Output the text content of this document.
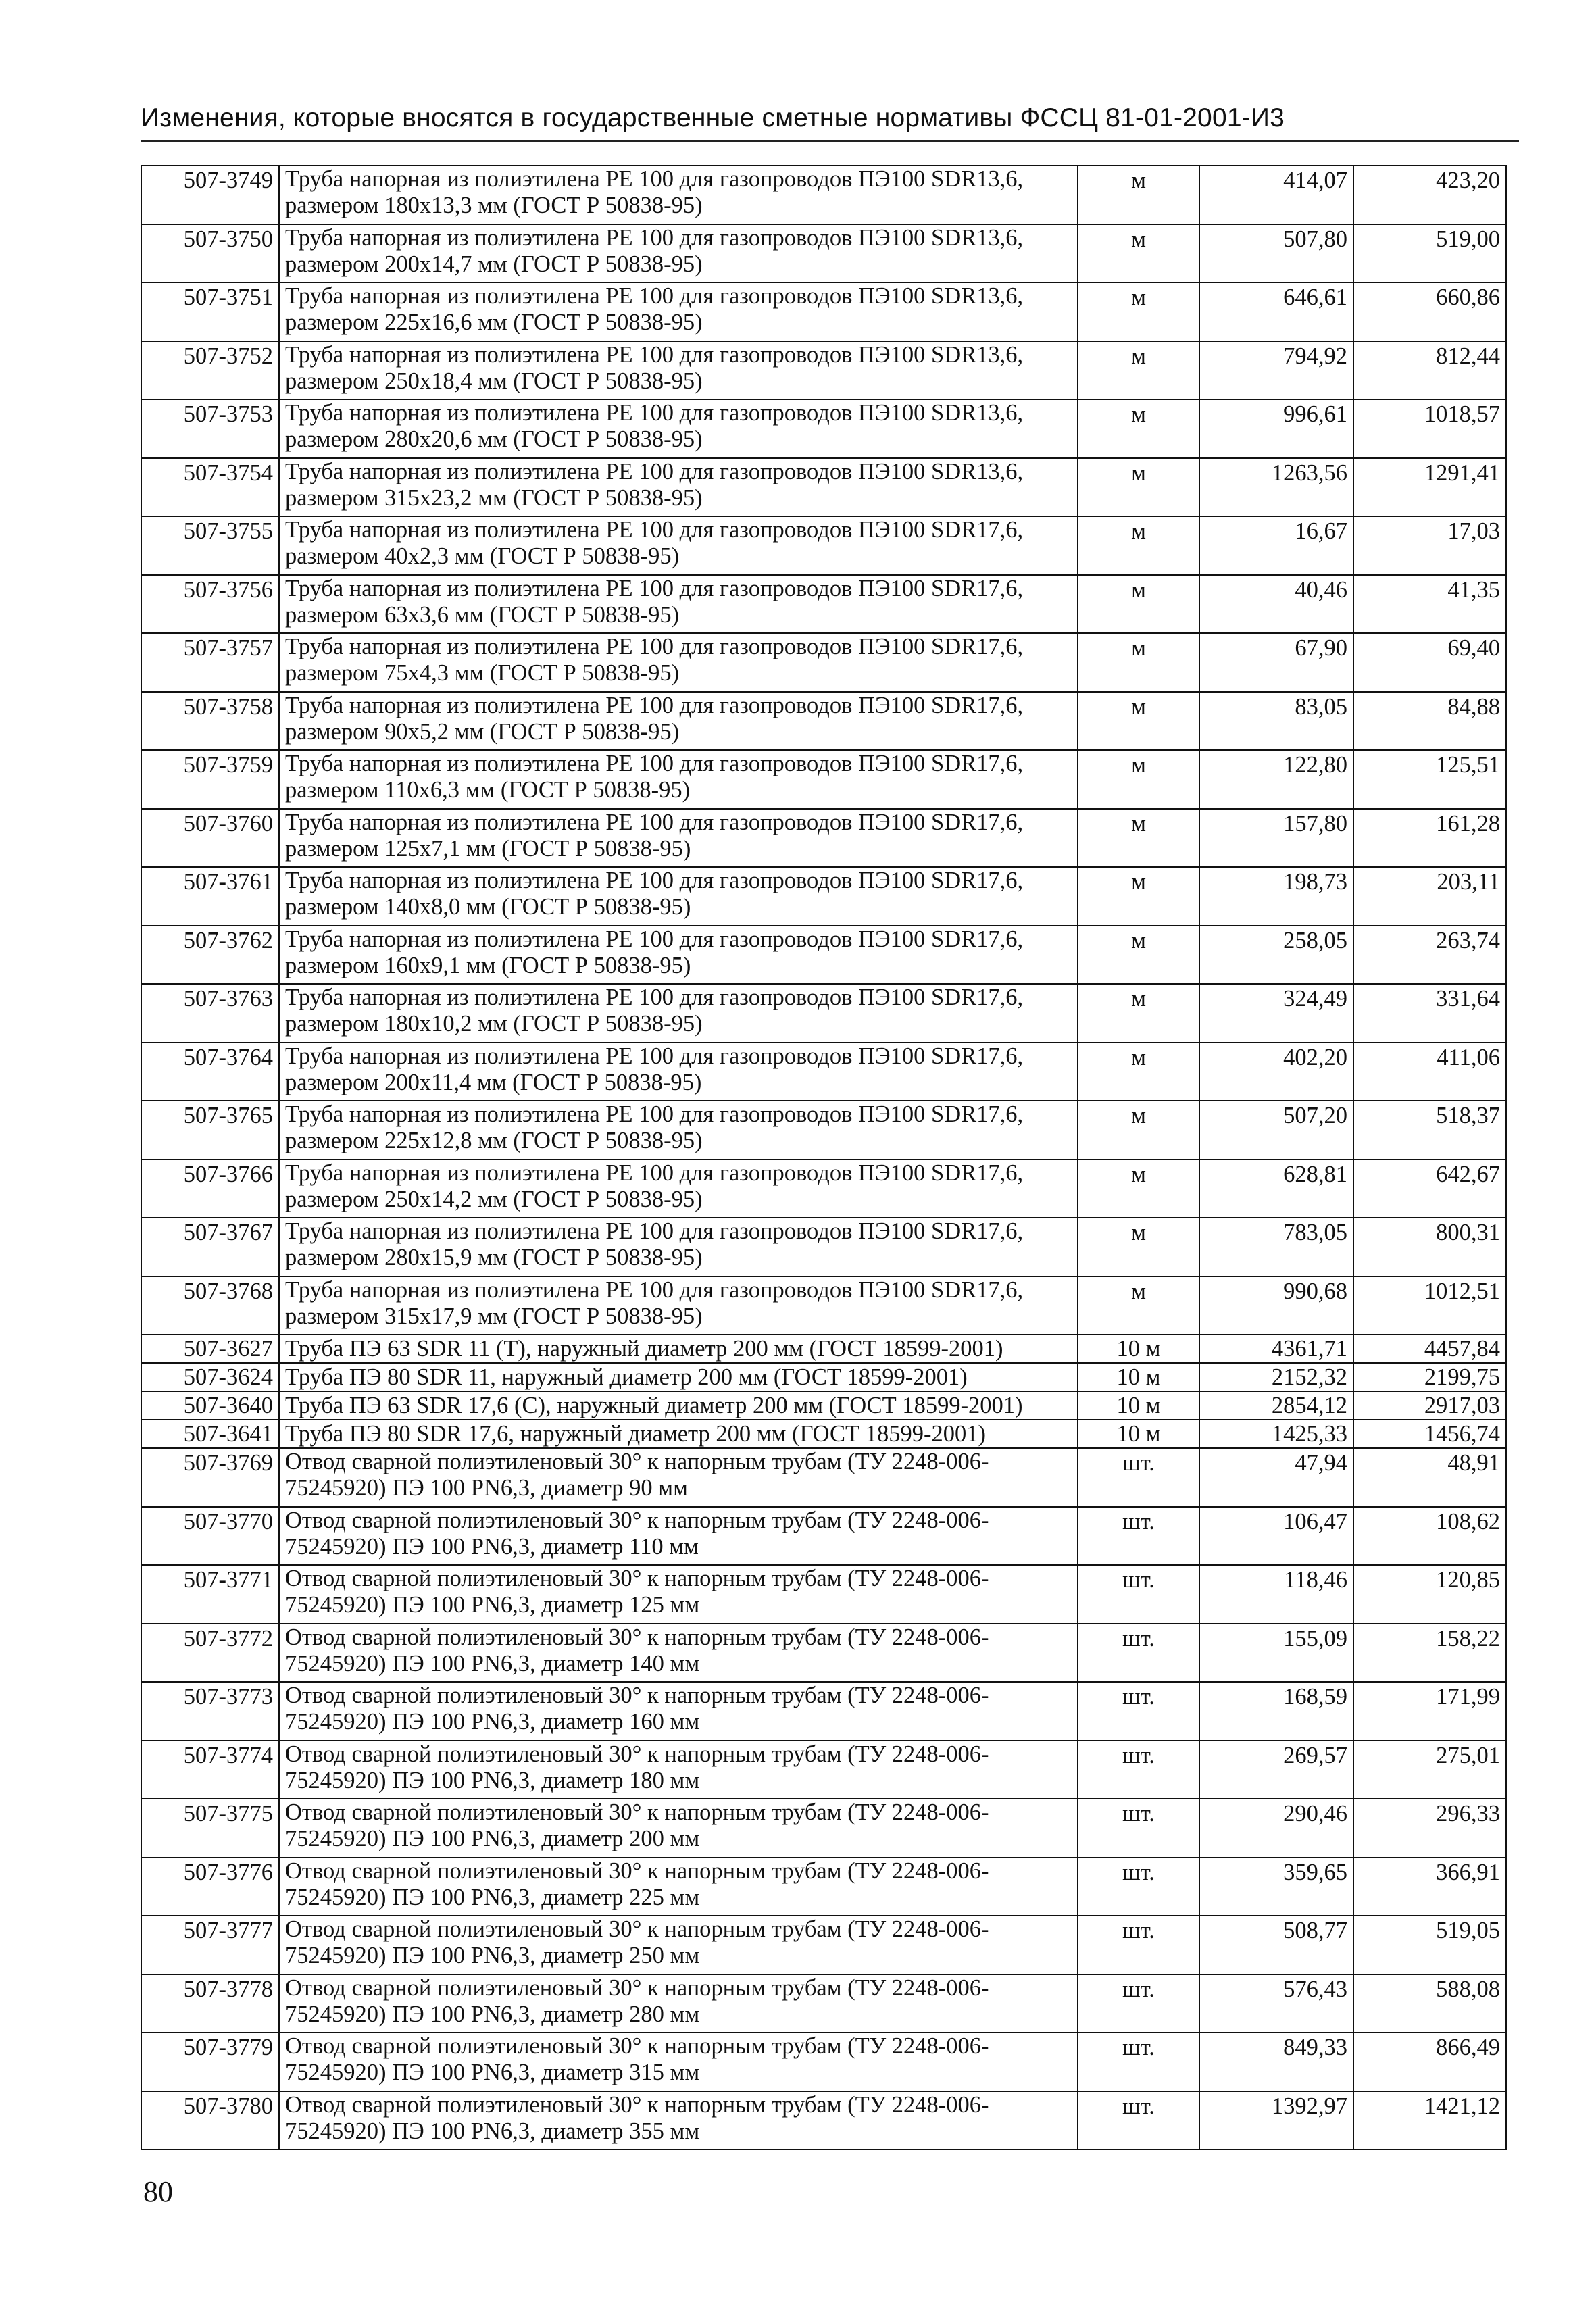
Изменения, которые вносятся в государственные сметные нормативы ФССЦ 81-01-2001-И3
507-3749	Труба напорная из полиэтилена PE 100 для газопроводов ПЭ100 SDR13,6, размером 180х13,3 мм (ГОСТ Р 50838-95)	м	414,07	423,20
507-3750	Труба напорная из полиэтилена PE 100 для газопроводов ПЭ100 SDR13,6, размером 200х14,7 мм (ГОСТ Р 50838-95)	м	507,80	519,00
507-3751	Труба напорная из полиэтилена PE 100 для газопроводов ПЭ100 SDR13,6, размером 225х16,6 мм (ГОСТ Р 50838-95)	м	646,61	660,86
507-3752	Труба напорная из полиэтилена PE 100 для газопроводов ПЭ100 SDR13,6, размером 250х18,4 мм (ГОСТ Р 50838-95)	м	794,92	812,44
507-3753	Труба напорная из полиэтилена PE 100 для газопроводов ПЭ100 SDR13,6, размером 280х20,6 мм (ГОСТ Р 50838-95)	м	996,61	1018,57
507-3754	Труба напорная из полиэтилена PE 100 для газопроводов ПЭ100 SDR13,6, размером 315х23,2 мм (ГОСТ Р 50838-95)	м	1263,56	1291,41
507-3755	Труба напорная из полиэтилена PE 100 для газопроводов ПЭ100 SDR17,6, размером 40х2,3 мм (ГОСТ Р 50838-95)	м	16,67	17,03
507-3756	Труба напорная из полиэтилена PE 100 для газопроводов ПЭ100 SDR17,6, размером 63х3,6 мм (ГОСТ Р 50838-95)	м	40,46	41,35
507-3757	Труба напорная из полиэтилена PE 100 для газопроводов ПЭ100 SDR17,6, размером 75х4,3 мм (ГОСТ Р 50838-95)	м	67,90	69,40
507-3758	Труба напорная из полиэтилена PE 100 для газопроводов ПЭ100 SDR17,6, размером 90х5,2 мм (ГОСТ Р 50838-95)	м	83,05	84,88
507-3759	Труба напорная из полиэтилена PE 100 для газопроводов ПЭ100 SDR17,6, размером 110х6,3 мм (ГОСТ Р 50838-95)	м	122,80	125,51
507-3760	Труба напорная из полиэтилена PE 100 для газопроводов ПЭ100 SDR17,6, размером 125х7,1 мм (ГОСТ Р 50838-95)	м	157,80	161,28
507-3761	Труба напорная из полиэтилена PE 100 для газопроводов ПЭ100 SDR17,6, размером 140х8,0 мм (ГОСТ Р 50838-95)	м	198,73	203,11
507-3762	Труба напорная из полиэтилена PE 100 для газопроводов ПЭ100 SDR17,6, размером 160х9,1 мм (ГОСТ Р 50838-95)	м	258,05	263,74
507-3763	Труба напорная из полиэтилена PE 100 для газопроводов ПЭ100 SDR17,6, размером 180х10,2 мм (ГОСТ Р 50838-95)	м	324,49	331,64
507-3764	Труба напорная из полиэтилена PE 100 для газопроводов ПЭ100 SDR17,6, размером 200х11,4 мм (ГОСТ Р 50838-95)	м	402,20	411,06
507-3765	Труба напорная из полиэтилена PE 100 для газопроводов ПЭ100 SDR17,6, размером 225х12,8 мм (ГОСТ Р 50838-95)	м	507,20	518,37
507-3766	Труба напорная из полиэтилена PE 100 для газопроводов ПЭ100 SDR17,6, размером 250х14,2 мм (ГОСТ Р 50838-95)	м	628,81	642,67
507-3767	Труба напорная из полиэтилена PE 100 для газопроводов ПЭ100 SDR17,6, размером 280х15,9 мм (ГОСТ Р 50838-95)	м	783,05	800,31
507-3768	Труба напорная из полиэтилена PE 100 для газопроводов ПЭ100 SDR17,6, размером 315х17,9 мм (ГОСТ Р 50838-95)	м	990,68	1012,51
507-3627	Труба ПЭ 63 SDR 11 (Т), наружный диаметр 200 мм (ГОСТ 18599-2001)	10 м	4361,71	4457,84
507-3624	Труба ПЭ 80 SDR 11, наружный диаметр 200 мм (ГОСТ 18599-2001)	10 м	2152,32	2199,75
507-3640	Труба ПЭ 63 SDR 17,6 (С), наружный диаметр 200 мм (ГОСТ 18599-2001)	10 м	2854,12	2917,03
507-3641	Труба ПЭ 80 SDR 17,6, наружный диаметр 200 мм (ГОСТ 18599-2001)	10 м	1425,33	1456,74
507-3769	Отвод сварной полиэтиленовый 30° к напорным трубам (ТУ 2248-006-75245920) ПЭ 100 PN6,3, диаметр 90 мм	шт.	47,94	48,91
507-3770	Отвод сварной полиэтиленовый 30° к напорным трубам (ТУ 2248-006-75245920) ПЭ 100 PN6,3, диаметр 110 мм	шт.	106,47	108,62
507-3771	Отвод сварной полиэтиленовый 30° к напорным трубам (ТУ 2248-006-75245920) ПЭ 100 PN6,3, диаметр 125 мм	шт.	118,46	120,85
507-3772	Отвод сварной полиэтиленовый 30° к напорным трубам (ТУ 2248-006-75245920) ПЭ 100 PN6,3, диаметр 140 мм	шт.	155,09	158,22
507-3773	Отвод сварной полиэтиленовый 30° к напорным трубам (ТУ 2248-006-75245920) ПЭ 100 PN6,3, диаметр 160 мм	шт.	168,59	171,99
507-3774	Отвод сварной полиэтиленовый 30° к напорным трубам (ТУ 2248-006-75245920) ПЭ 100 PN6,3, диаметр 180 мм	шт.	269,57	275,01
507-3775	Отвод сварной полиэтиленовый 30° к напорным трубам (ТУ 2248-006-75245920) ПЭ 100 PN6,3, диаметр 200 мм	шт.	290,46	296,33
507-3776	Отвод сварной полиэтиленовый 30° к напорным трубам (ТУ 2248-006-75245920) ПЭ 100 PN6,3, диаметр 225 мм	шт.	359,65	366,91
507-3777	Отвод сварной полиэтиленовый 30° к напорным трубам (ТУ 2248-006-75245920) ПЭ 100 PN6,3, диаметр 250 мм	шт.	508,77	519,05
507-3778	Отвод сварной полиэтиленовый 30° к напорным трубам (ТУ 2248-006-75245920) ПЭ 100 PN6,3, диаметр 280 мм	шт.	576,43	588,08
507-3779	Отвод сварной полиэтиленовый 30° к напорным трубам (ТУ 2248-006-75245920) ПЭ 100 PN6,3, диаметр 315 мм	шт.	849,33	866,49
507-3780	Отвод сварной полиэтиленовый 30° к напорным трубам (ТУ 2248-006-75245920) ПЭ 100 PN6,3, диаметр 355 мм	шт.	1392,97	1421,12
80
